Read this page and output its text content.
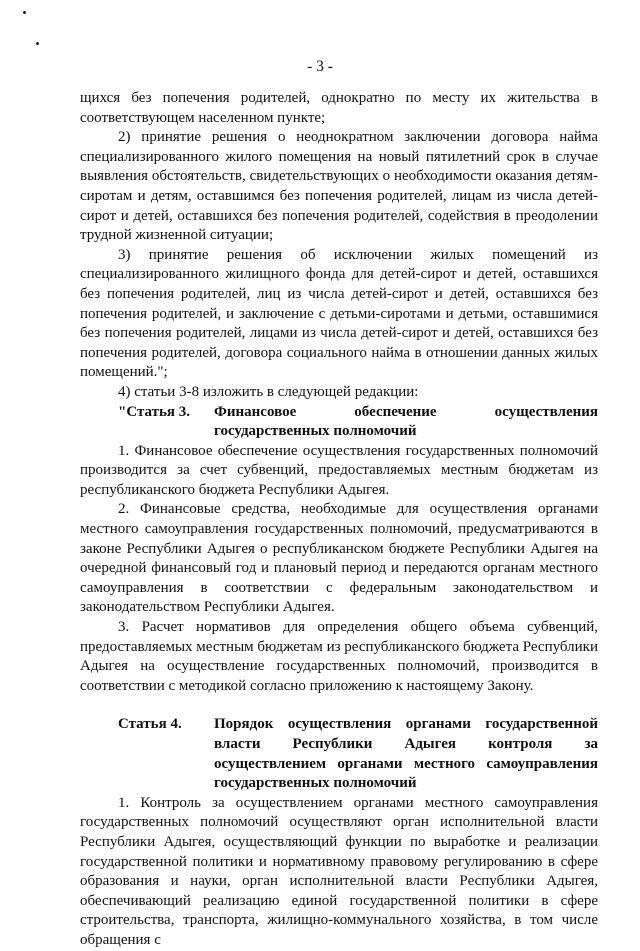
- 3 -

щихся без попечения родителей, однократно по месту их жительства в соответствующем населенном пункте;

2) принятие решения о неоднократном заключении договора найма специализированного жилого помещения на новый пятилетний срок в случае выявления обстоятельств, свидетельствующих о необходимости оказания детям-сиротам и детям, оставшимся без попечения родителей, лицам из числа детей-сирот и детей, оставшихся без попечения родителей, содействия в преодолении трудной жизненной ситуации;

3) принятие решения об исключении жилых помещений из специализированного жилищного фонда для детей-сирот и детей, оставшихся без попечения родителей, лиц из числа детей-сирот и детей, оставшихся без попечения родителей, и заключение с детьми-сиротами и детьми, оставшимися без попечения родителей, лицами из числа детей-сирот и детей, оставшихся без попечения родителей, договора социального найма в отношении данных жилых помещений.";

4) статьи 3-8 изложить в следующей редакции:

"Статья 3.	Финансовое обеспечение осуществления государственных полномочий

1. Финансовое обеспечение осуществления государственных полномочий производится за счет субвенций, предоставляемых местным бюджетам из республиканского бюджета Республики Адыгея.

2. Финансовые средства, необходимые для осуществления органами местного самоуправления государственных полномочий, предусматриваются в законе Республики Адыгея о республиканском бюджете Республики Адыгея на очередной финансовый год и плановый период и передаются органам местного самоуправления в соответствии с федеральным законодательством и законодательством Республики Адыгея.

3. Расчет нормативов для определения общего объема субвенций, предоставляемых местным бюджетам из республиканского бюджета Республики Адыгея на осуществление государственных полномочий, производится в соответствии с методикой согласно приложению к настоящему Закону.

Статья 4.	Порядок осуществления органами государственной власти Республики Адыгея контроля за осуществлением органами местного самоуправления государственных полномочий

1. Контроль за осуществлением органами местного самоуправления государственных полномочий осуществляют орган исполнительной власти Республики Адыгея, осуществляющий функции по выработке и реализации государственной политики и нормативному правовому регулированию в сфере образования и науки, орган исполнительной власти Республики Адыгея, обеспечивающий реализацию единой государственной политики в сфере строительства, транспорта, жилищно-коммунального хозяйства, в том числе обращения с
